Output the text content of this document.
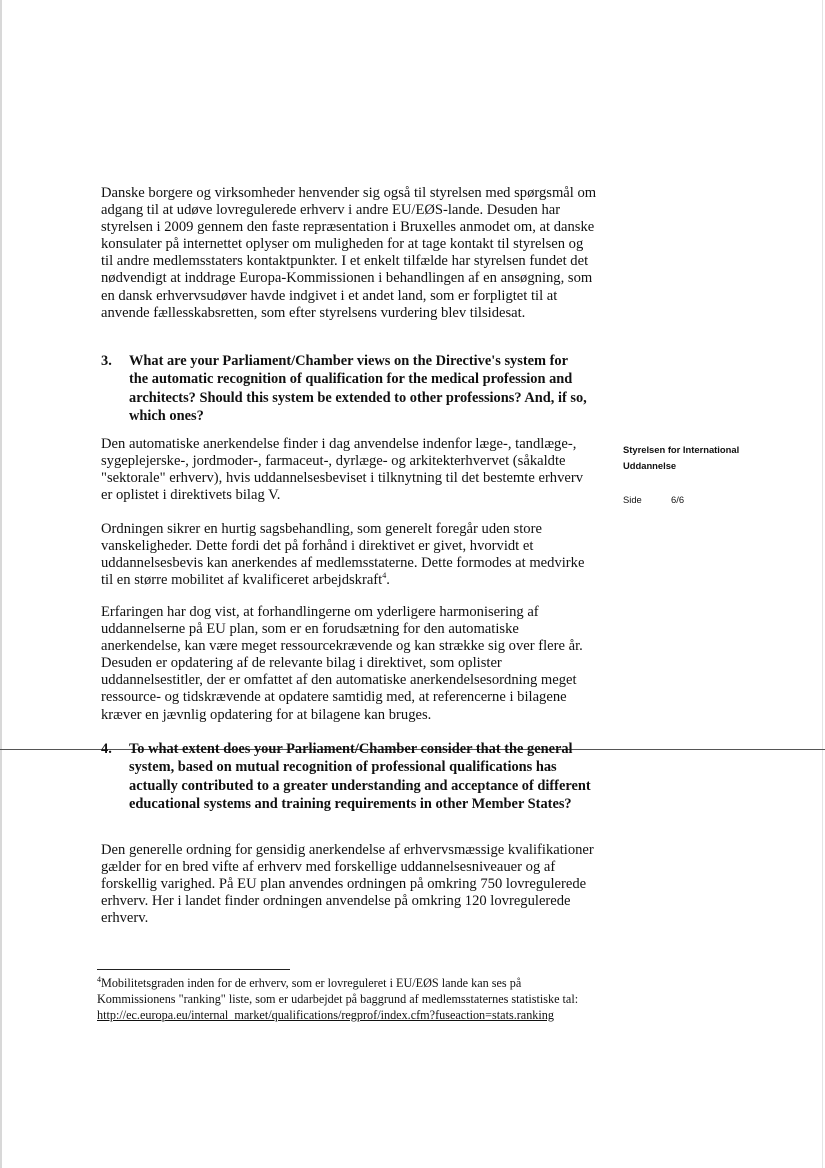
Danske borgere og virksomheder henvender sig også til styrelsen med spørgsmål om adgang til at udøve lovregulerede erhverv i andre EU/EØS-lande. Desuden har styrelsen i 2009 gennem den faste repræsentation i Bruxelles anmodet om, at danske konsulater på internettet oplyser om muligheden for at tage kontakt til styrelsen og til andre medlemsstaters kontaktpunkter. I et enkelt tilfælde har styrelsen fundet det nødvendigt at inddrage Europa-Kommissionen i behandlingen af en ansøgning, som en dansk erhvervsudøver havde indgivet i et andet land, som er forpligtet til at anvende fællesskabsretten, som efter styrelsens vurdering blev tilsidesat.

3. What are your Parliament/Chamber views on the Directive's system for
the automatic recognition of qualification for the medical profession and architects? Should this system be extended to other professions? And, if so, which ones?

Den automatiske anerkendelse finder i dag anvendelse indenfor læge-, tandlæge-, sygeplejerske-, jordmoder-, farmaceut-, dyrlæge- og arkitekterhvervet (såkaldte "sektorale" erhverv), hvis uddannelsesbeviset i tilknytning til det bestemte erhverv er oplistet i direktivets bilag V.

Ordningen sikrer en hurtig sagsbehandling, som generelt foregår uden store vanskeligheder. Dette fordi det på forhånd i direktivet er givet, hvorvidt et uddannelsesbevis kan anerkendes af medlemsstaterne. Dette formodes at medvirke til en større mobilitet af kvalificeret arbejdskraft$^4$.

Erfaringen har dog vist, at forhandlingerne om yderligere harmonisering af uddannelserne på EU plan, som er en forudsætning for den automatiske anerkendelse, kan være meget ressourcekrævende og kan strække sig over flere år. Desuden er opdatering af de relevante bilag i direktivet, som oplister uddannelsestitler, der er omfattet af den automatiske anerkendelsesordning meget ressource- og tidskrævende at opdatere samtidig med, at referencerne i bilagene kræver en jævnlig opdatering for at bilagene kan bruges.

4. To what extent does your Parliament/Chamber consider that the general
system, based on mutual recognition of professional qualifications has actually contributed to a greater understanding and acceptance of different educational systems and training requirements in other Member States?

Den generelle ordning for gensidig anerkendelse af erhvervsmæssige kvalifikationer gælder for en bred vifte af erhverv med forskellige uddannelsesniveauer og af forskellig varighed. På EU plan anvendes ordningen på omkring 750 lovregulerede erhverv. Her i landet finder ordningen anvendelse på omkring 120 lovregulerede erhverv.

Styrelsen for International
Uddannelse
Side	6/6
$^4$Mobilitetsgraden inden for de erhverv, som er lovreguleret i EU/EØS lande kan ses på Kommissionens "ranking" liste, som er udarbejdet på baggrund af medlemsstaternes statistiske tal:
http://ec.europa.eu/internal_market/qualifications/regprof/index.cfm?fuseaction=stats.ranking
